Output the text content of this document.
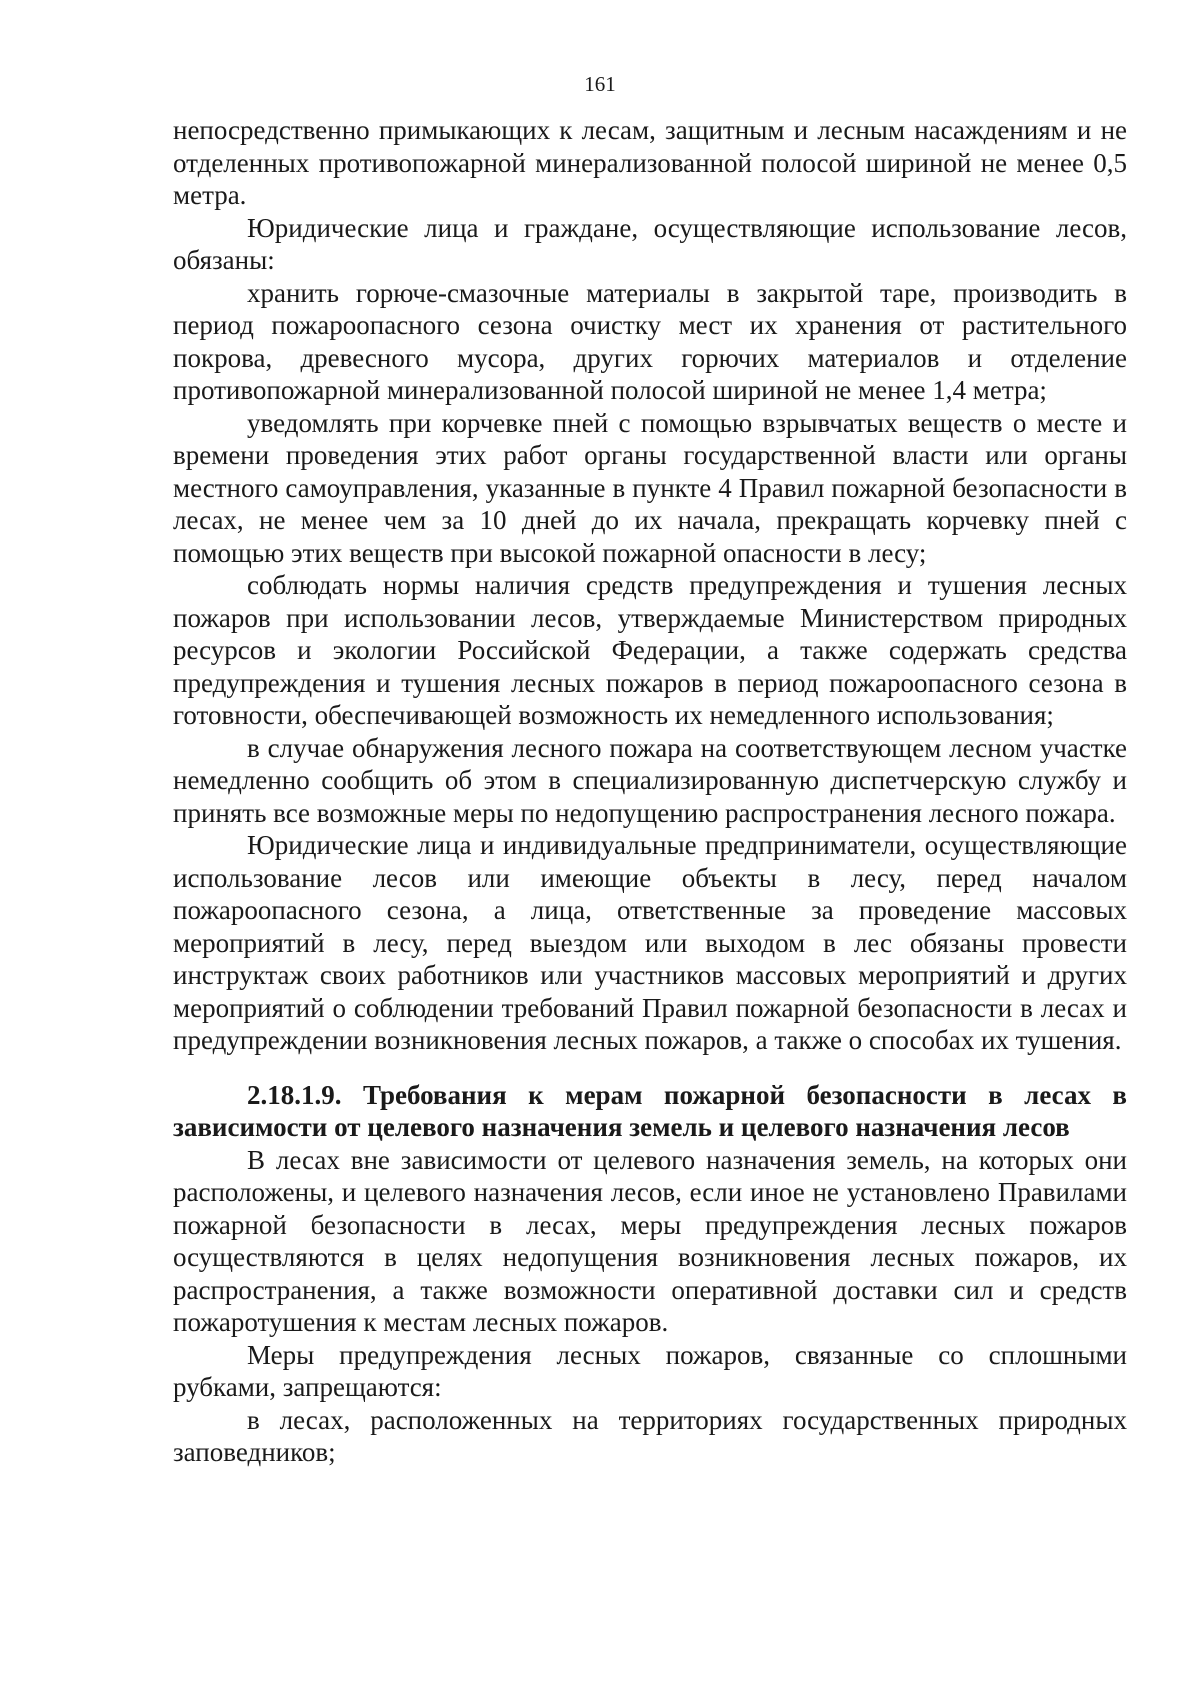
161

непосредственно примыкающих к лесам, защитным и лесным насаждениям и не отделенных противопожарной минерализованной полосой шириной не менее 0,5 метра.

Юридические лица и граждане, осуществляющие использование лесов, обязаны:

хранить горюче-смазочные материалы в закрытой таре, производить в период пожароопасного сезона очистку мест их хранения от растительного покрова, древесного мусора, других горючих материалов и отделение противопожарной минерализованной полосой шириной не менее 1,4 метра;

уведомлять при корчевке пней с помощью взрывчатых веществ о месте и времени проведения этих работ органы государственной власти или органы местного самоуправления, указанные в пункте 4 Правил пожарной безопасности в лесах, не менее чем за 10 дней до их начала, прекращать корчевку пней с помощью этих веществ при высокой пожарной опасности в лесу;

соблюдать нормы наличия средств предупреждения и тушения лесных пожаров при использовании лесов, утверждаемые Министерством природных ресурсов и экологии Российской Федерации, а также содержать средства предупреждения и тушения лесных пожаров в период пожароопасного сезона в готовности, обеспечивающей возможность их немедленного использования;

в случае обнаружения лесного пожара на соответствующем лесном участке немедленно сообщить об этом в специализированную диспетчерскую службу и принять все возможные меры по недопущению распространения лесного пожара.

Юридические лица и индивидуальные предприниматели, осуществляющие использование лесов или имеющие объекты в лесу, перед началом пожароопасного сезона, а лица, ответственные за проведение массовых мероприятий в лесу, перед выездом или выходом в лес обязаны провести инструктаж своих работников или участников массовых мероприятий и других мероприятий о соблюдении требований Правил пожарной безопасности в лесах и предупреждении возникновения лесных пожаров, а также о способах их тушения.

2.18.1.9. Требования к мерам пожарной безопасности в лесах в зависимости от целевого назначения земель и целевого назначения лесов

В лесах вне зависимости от целевого назначения земель, на которых они расположены, и целевого назначения лесов, если иное не установлено Правилами пожарной безопасности в лесах, меры предупреждения лесных пожаров осуществляются в целях недопущения возникновения лесных пожаров, их распространения, а также возможности оперативной доставки сил и средств пожаротушения к местам лесных пожаров.

Меры предупреждения лесных пожаров, связанные со сплошными рубками, запрещаются:

в лесах, расположенных на территориях государственных природных заповедников;
